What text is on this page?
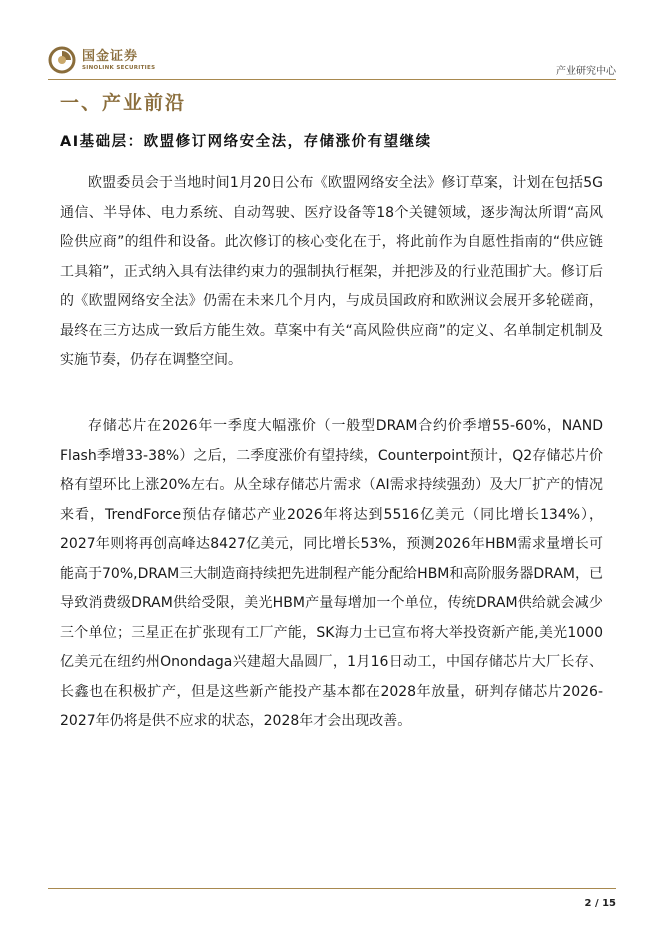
国金证券
SINOLINK SECURITIES	产业研究中心
一、产业前沿
AI基础层：欧盟修订网络安全法，存储涨价有望继续

欧盟委员会于当地时间1月20日公布《欧盟网络安全法》修订草案，计划在包括5G通信、半导体、电力系统、自动驾驶、医疗设备等18个关键领域，逐步淘汰所谓“高风险供应商”的组件和设备。此次修订的核心变化在于，将此前作为自愿性指南的“供应链工具箱”，正式纳入具有法律约束力的强制执行框架，并把涉及的行业范围扩大。修订后的《欧盟网络安全法》仍需在未来几个月内，与成员国政府和欧洲议会展开多轮磋商，最终在三方达成一致后方能生效。草案中有关“高风险供应商”的定义、名单制定机制及实施节奏，仍存在调整空间。

存储芯片在2026年一季度大幅涨价（一般型DRAM合约价季增55-60%，NAND Flash季增33-38%）之后，二季度涨价有望持续，Counterpoint预计，Q2存储芯片价格有望环比上涨20%左右。从全球存储芯片需求（AI需求持续强劲）及大厂扩产的情况来看，TrendForce预估存储芯产业2026年将达到5516亿美元（同比增长134%），2027年则将再创高峰达8427亿美元，同比增长53%，预测2026年HBM需求量增长可能高于70%,DRAM三大制造商持续把先进制程产能分配给HBM和高阶服务器DRAM，已导致消费级DRAM供给受限，美光HBM产量每增加一个单位，传统DRAM供给就会减少三个单位；三星正在扩张现有工厂产能，SK海力士已宣布将大举投资新产能,美光1000亿美元在纽约州Onondaga兴建超大晶圆厂，1月16日动工，中国存储芯片大厂长存、长鑫也在积极扩产，但是这些新产能投产基本都在2028年放量，研判存储芯片2026-2027年仍将是供不应求的状态，2028年才会出现改善。

2 / 15
